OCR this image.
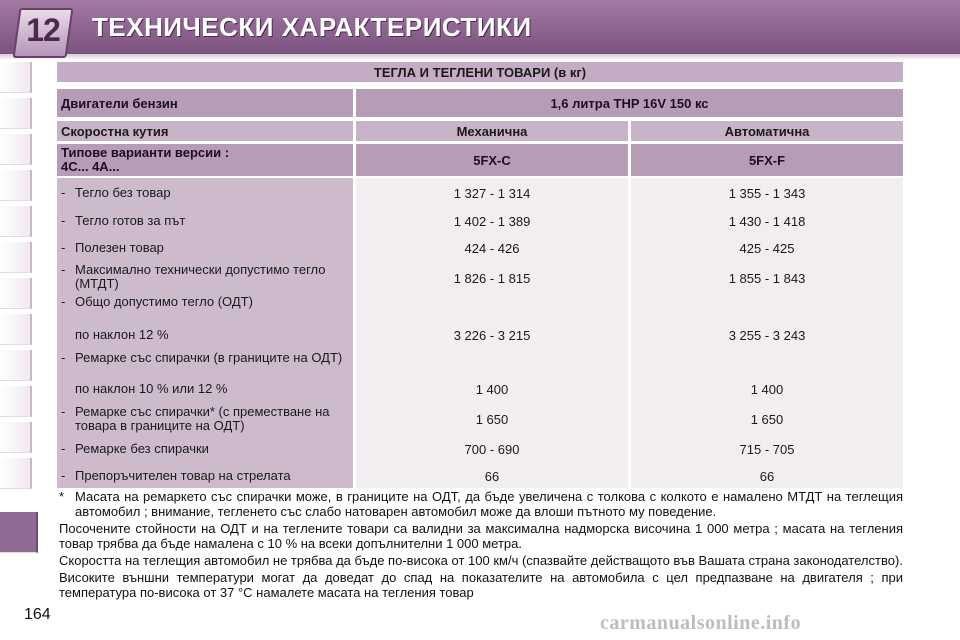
12 ТЕХНИЧЕСКИ ХАРАКТЕРИСТИКИ
ТЕГЛА И ТЕГЛЕНИ ТОВАРИ (в кг)
Двигатели бензин	1,6 литра THP 16V 150 кс
Скоростна кутия	Механична	Автоматична
Типове варианти версии :
4C... 4A...	5FX-C	5FX-F
- Тегло без товар	1 327 - 1 314	1 355 - 1 343
- Тегло готов за път	1 402 - 1 389	1 430 - 1 418
- Полезен товар	424 - 426	425 - 425
- Максимално технически допустимо тегло (МТДТ)	1 826 - 1 815	1 855 - 1 843
- Общо допустимо тегло (ОДТ)
по наклон 12 %	3 226 - 3 215	3 255 - 3 243
- Ремарке със спирачки (в границите на ОДТ)
по наклон 10 % или 12 %	1 400	1 400
- Ремарке със спирачки* (с преместване на товара в границите на ОДТ)	1 650	1 650
- Ремарке без спирачки	700 - 690	715 - 705
- Препоръчителен товар на стрелата	66	66

* Масата на ремаркето със спирачки може, в границите на ОДТ, да бъде увеличена с толкова с колкото е намалено МТДТ на теглещия автомобил ; внимание, тегленето със слабо натоварен автомобил може да влоши пътното му поведение.

Посочените стойности на ОДТ и на теглените товари са валидни за максимална надморска височина 1 000 метра ; масата на тегления товар трябва да бъде намалена с 10 % на всеки допълнителни 1 000 метра.

Скоростта на теглещия автомобил не трябва да бъде по-висока от 100 км/ч (спазвайте действащото във Вашата страна законодателство).

Високите външни температури могат да доведат до спад на показателите на автомобила с цел предпазване на двигателя ; при температура по-висока от 37 °C намалете масата на тегления товар

164	carmanualsonline.info
